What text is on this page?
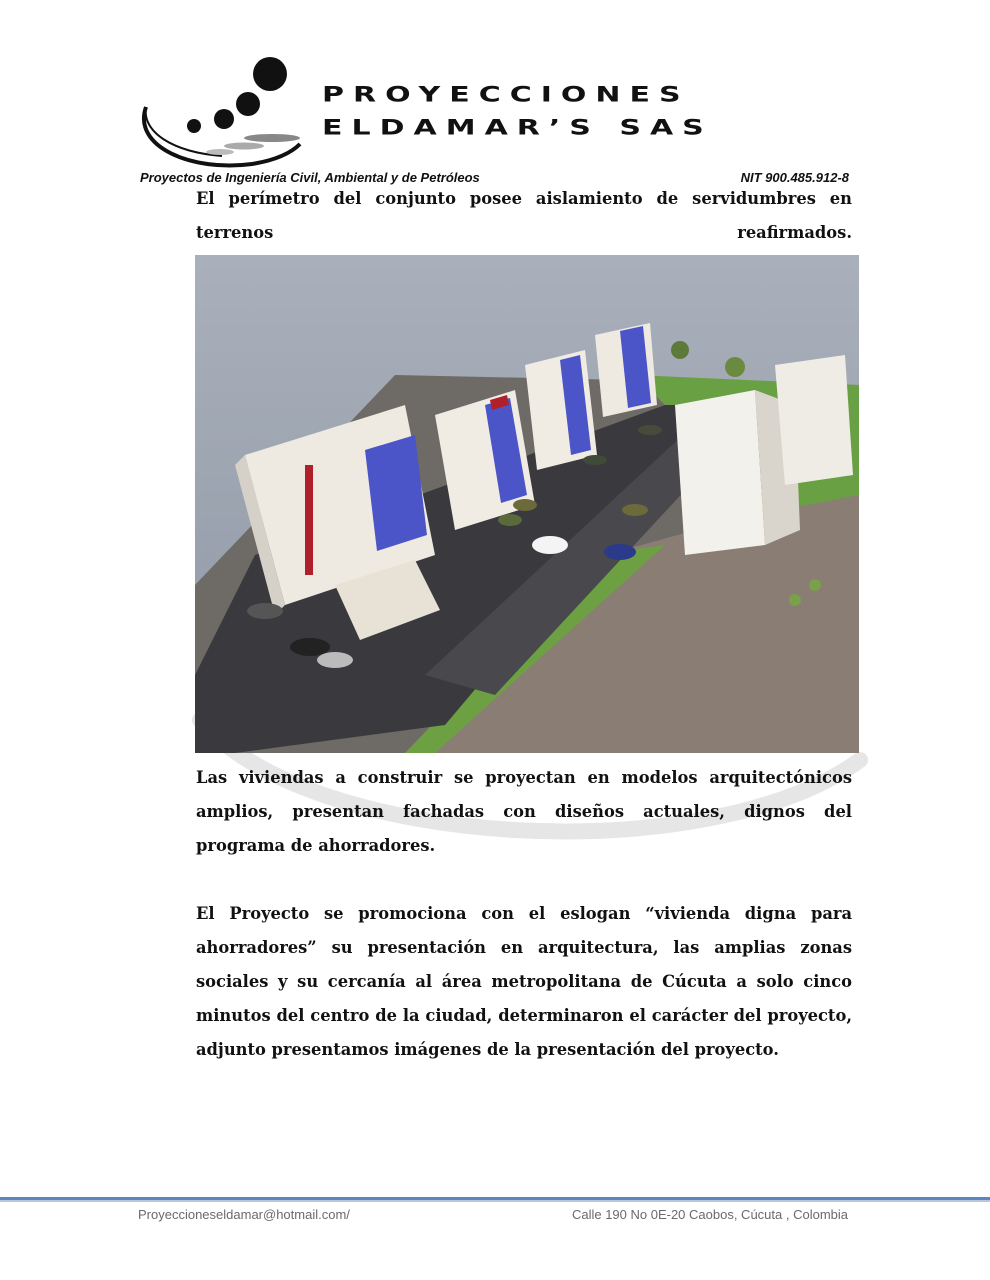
PROYECCIONES
ELDAMAR’S SAS
Proyectos de Ingeniería Civil, Ambiental y de Petróleos	NIT 900.485.912-8
El perímetro del conjunto posee aislamiento de servidumbres en
terrenos reafirmados.
Las viviendas a construir se proyectan en modelos arquitectónicos amplios, presentan fachadas con diseños actuales, dignos del programa de ahorradores.
El Proyecto se promociona con el eslogan “vivienda digna para ahorradores” su presentación en arquitectura, las amplias zonas sociales y su cercanía al área metropolitana de Cúcuta a solo cinco minutos del centro de la ciudad, determinaron el carácter del proyecto, adjunto presentamos imágenes de la presentación del proyecto.
Proyeccioneseldamar@hotmail.com/	Calle 190 No 0E-20 Caobos, Cúcuta , Colombia
